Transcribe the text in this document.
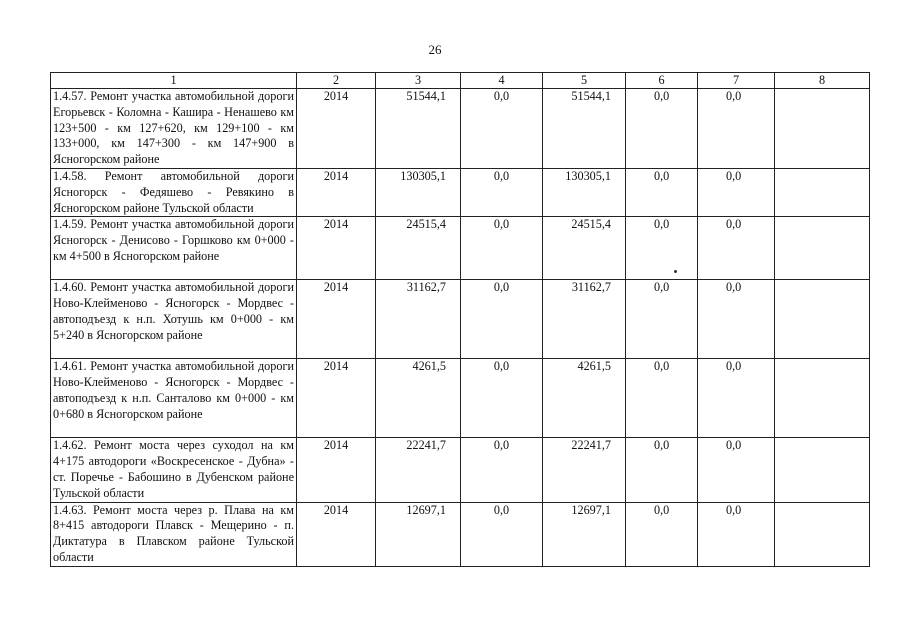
26
1	2	3	4	5	6	7	8
1.4.57. Ремонт участка автомобильной дороги Егорьевск - Коломна - Кашира - Ненашево км 123+500 - км 127+620, км 129+100 - км 133+000, км 147+300 - км 147+900 в Ясногорском районе	2014	51544,1	0,0	51544,1	0,0	0,0	
1.4.58. Ремонт автомобильной дороги Ясногорск - Федяшево - Ревякино в Ясногорском районе Тульской области	2014	130305,1	0,0	130305,1	0,0	0,0	
1.4.59. Ремонт участка автомобильной дороги Ясногорск - Денисово - Горшково км 0+000 - км 4+500 в Ясногорском районе	2014	24515,4	0,0	24515,4	0,0	0,0	
1.4.60. Ремонт участка автомобильной дороги Ново-Клейменово - Ясногорск - Мордвес - автоподъезд к н.п. Хотушь км 0+000 - км 5+240 в Ясногорском районе	2014	31162,7	0,0	31162,7	0,0	0,0	
1.4.61. Ремонт участка автомобильной дороги Ново-Клейменово - Ясногорск - Мордвес - автоподъезд к н.п. Санталово км 0+000 - км 0+680 в Ясногорском районе	2014	4261,5	0,0	4261,5	0,0	0,0	
1.4.62. Ремонт моста через суходол на км 4+175 автодороги «Воскресенское - Дубна» - ст. Поречье - Бабошино в Дубенском районе Тульской области	2014	22241,7	0,0	22241,7	0,0	0,0	
1.4.63. Ремонт моста через р. Плава на км 8+415 автодороги Плавск - Мещерино - п. Диктатура в Плавском районе Тульской области	2014	12697,1	0,0	12697,1	0,0	0,0	
